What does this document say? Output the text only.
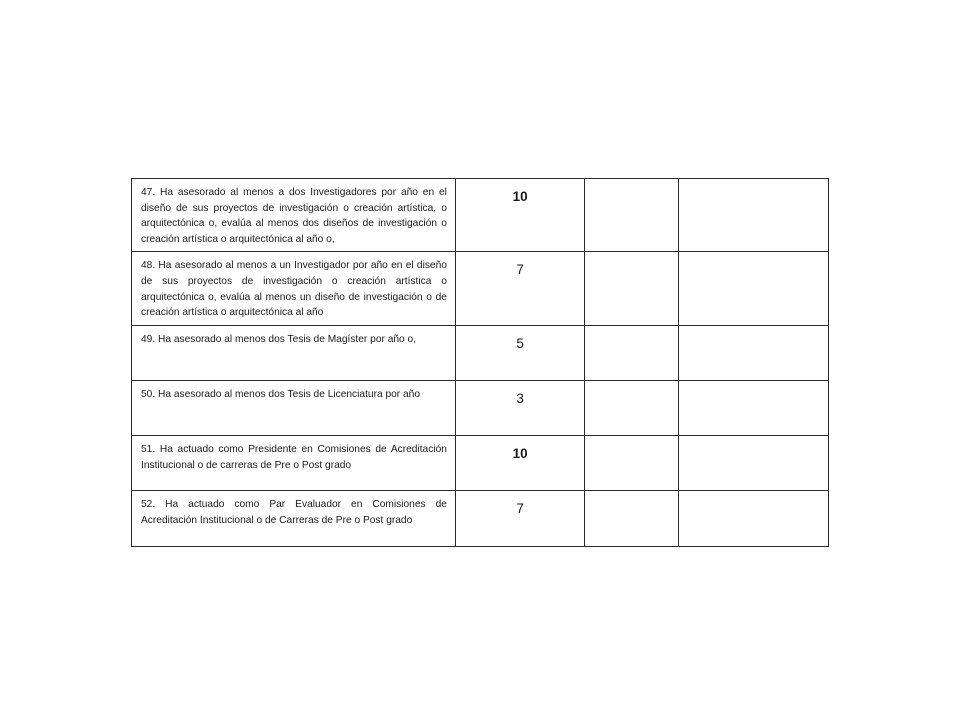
47. Ha asesorado al menos a dos Investigadores por año en el diseño de sus proyectos de investigación o creación artística, o arquitectónica o, evalúa al menos dos diseños de investigación o creación artística o arquitectónica al año o,	10		

48. Ha asesorado al menos a un Investigador por año en el diseño de sus proyectos de investigación o creación artística o arquitectónica o, evalúa al menos un diseño de investigación o de creación artística o arquitectónica al año	7		

49. Ha asesorado al menos dos Tesis de Magíster por año o,	5		

50. Ha asesorado al menos dos Tesis de Licenciatura por año	3		

51. Ha actuado como Presidente en Comisiones de Acreditación Institucional o de carreras de Pre o Post grado	10		

52. Ha actuado como Par Evaluador en Comisiones de Acreditación Institucional o de Carreras de Pre o Post grado	7		
